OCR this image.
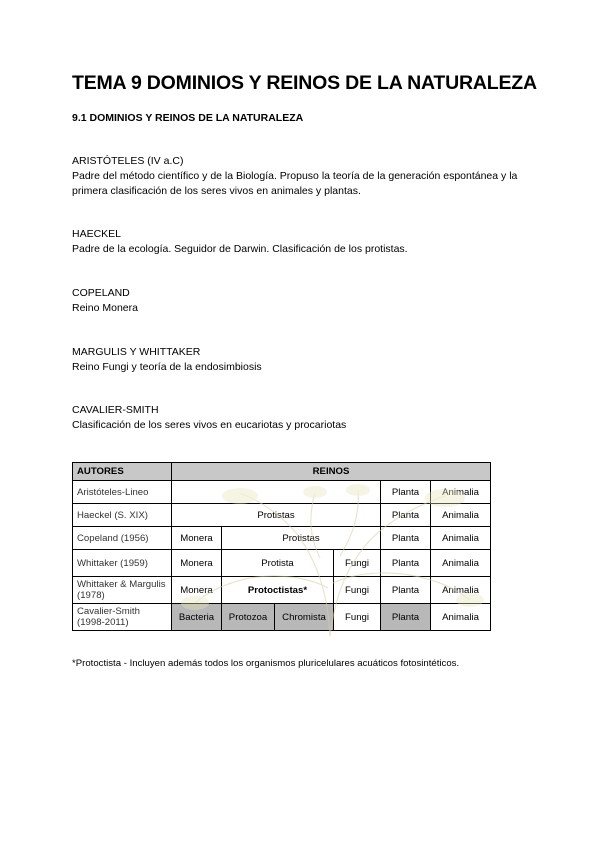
TEMA 9 DOMINIOS Y REINOS DE LA NATURALEZA
9.1 DOMINIOS Y REINOS DE LA NATURALEZA
ARISTÓTELES (IV a.C)
Padre del método científico y de la Biología. Propuso la teoría de la generación espontánea y la primera clasificación de los seres vivos en animales y plantas.
HAECKEL
Padre de la ecología. Seguidor de Darwin. Clasificación de los protistas.
COPELAND
Reino Monera
MARGULIS Y WHITTAKER
Reino Fungi y teoría de la endosimbiosis
CAVALIER-SMITH
Clasificación de los seres vivos en eucariotas y procariotas
AUTORES	REINOS					
Aristóteles-Lineo					Planta	Animalia
Haeckel (S. XIX)	Protistas				Planta	Animalia
Copeland (1956)	Monera	Protistas			Planta	Animalia
Whittaker (1959)	Monera	Protista		Fungi	Planta	Animalia
Whittaker & Margulis (1978)	Monera	Protoctistas*		Fungi	Planta	Animalia
Cavalier-Smith (1998-2011)	Bacteria	Protozoa	Chromista	Fungi	Planta	Animalia
*Protoctista - Incluyen además todos los organismos pluricelulares acuáticos fotosintéticos.
